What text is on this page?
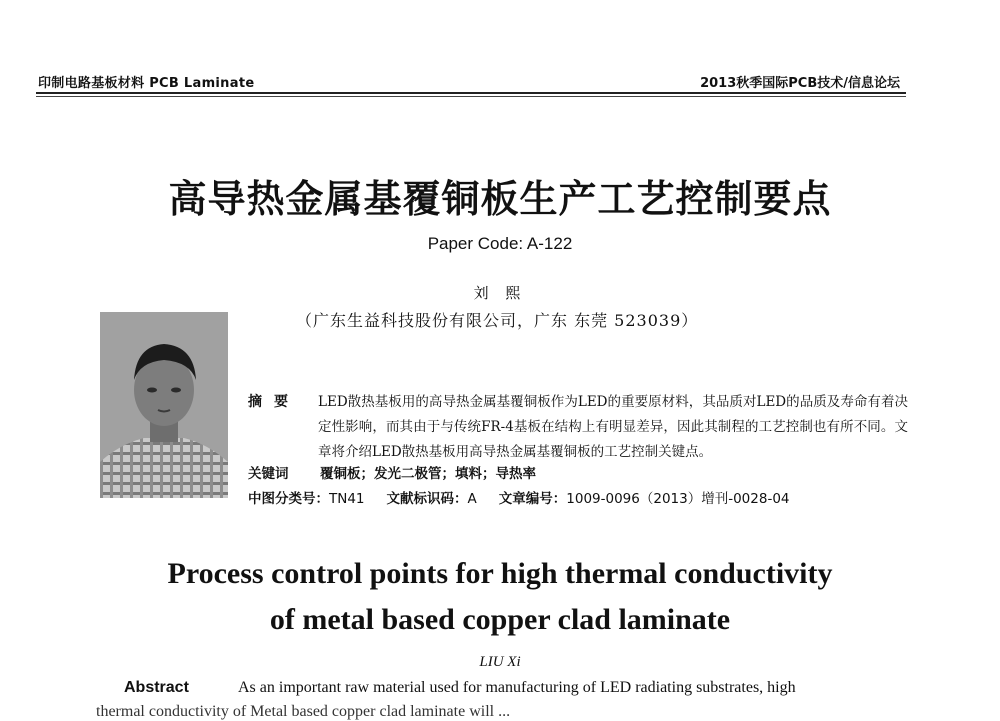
印制电路基板材料 PCB Laminate	2013秋季国际PCB技术/信息论坛
高导热金属基覆铜板生产工艺控制要点
Paper Code: A-122
刘 熙
（广东生益科技股份有限公司，广东 东莞 523039）
摘要 LED散热基板用的高导热金属基覆铜板作为LED的重要原材料，其品质对LED的品质及寿命有着决定性影响，而其由于与传统FR-4基板在结构上有明显差异，因此其制程的工艺控制也有所不同。文章将介绍LED散热基板用高导热金属基覆铜板的工艺控制关键点。
关键词 覆铜板；发光二极管；填料；导热率
中图分类号：TN41 文献标识码：A 文章编号：1009-0096（2013）增刊-0028-04
Process control points for high thermal conductivity
of metal based copper clad laminate
LIU Xi
Abstract	As an important raw material used for manufacturing of LED radiating substrates, high
thermal conductivity of Metal based copper clad laminate will ...
